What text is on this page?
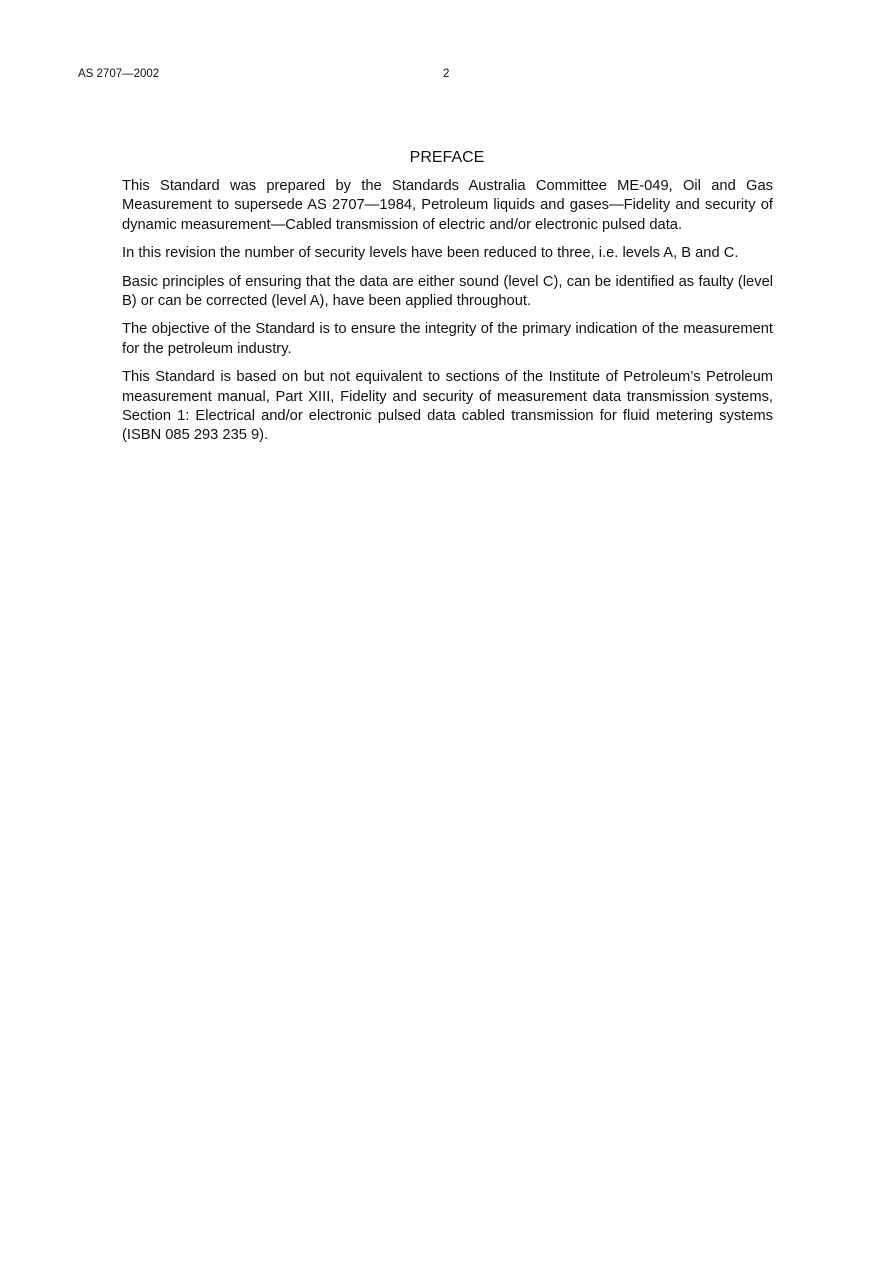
AS 2707—2002	2
PREFACE

This Standard was prepared by the Standards Australia Committee ME-049, Oil and Gas Measurement to supersede AS 2707—1984, Petroleum liquids and gases—Fidelity and security of dynamic measurement—Cabled transmission of electric and/or electronic pulsed data.

In this revision the number of security levels have been reduced to three, i.e. levels A, B and C.

Basic principles of ensuring that the data are either sound (level C), can be identified as faulty (level B) or can be corrected (level A), have been applied throughout.

The objective of the Standard is to ensure the integrity of the primary indication of the measurement for the petroleum industry.

This Standard is based on but not equivalent to sections of the Institute of Petroleum’s Petroleum measurement manual, Part XIII, Fidelity and security of measurement data transmission systems, Section 1: Electrical and/or electronic pulsed data cabled transmission for fluid metering systems (ISBN 085 293 235 9).
